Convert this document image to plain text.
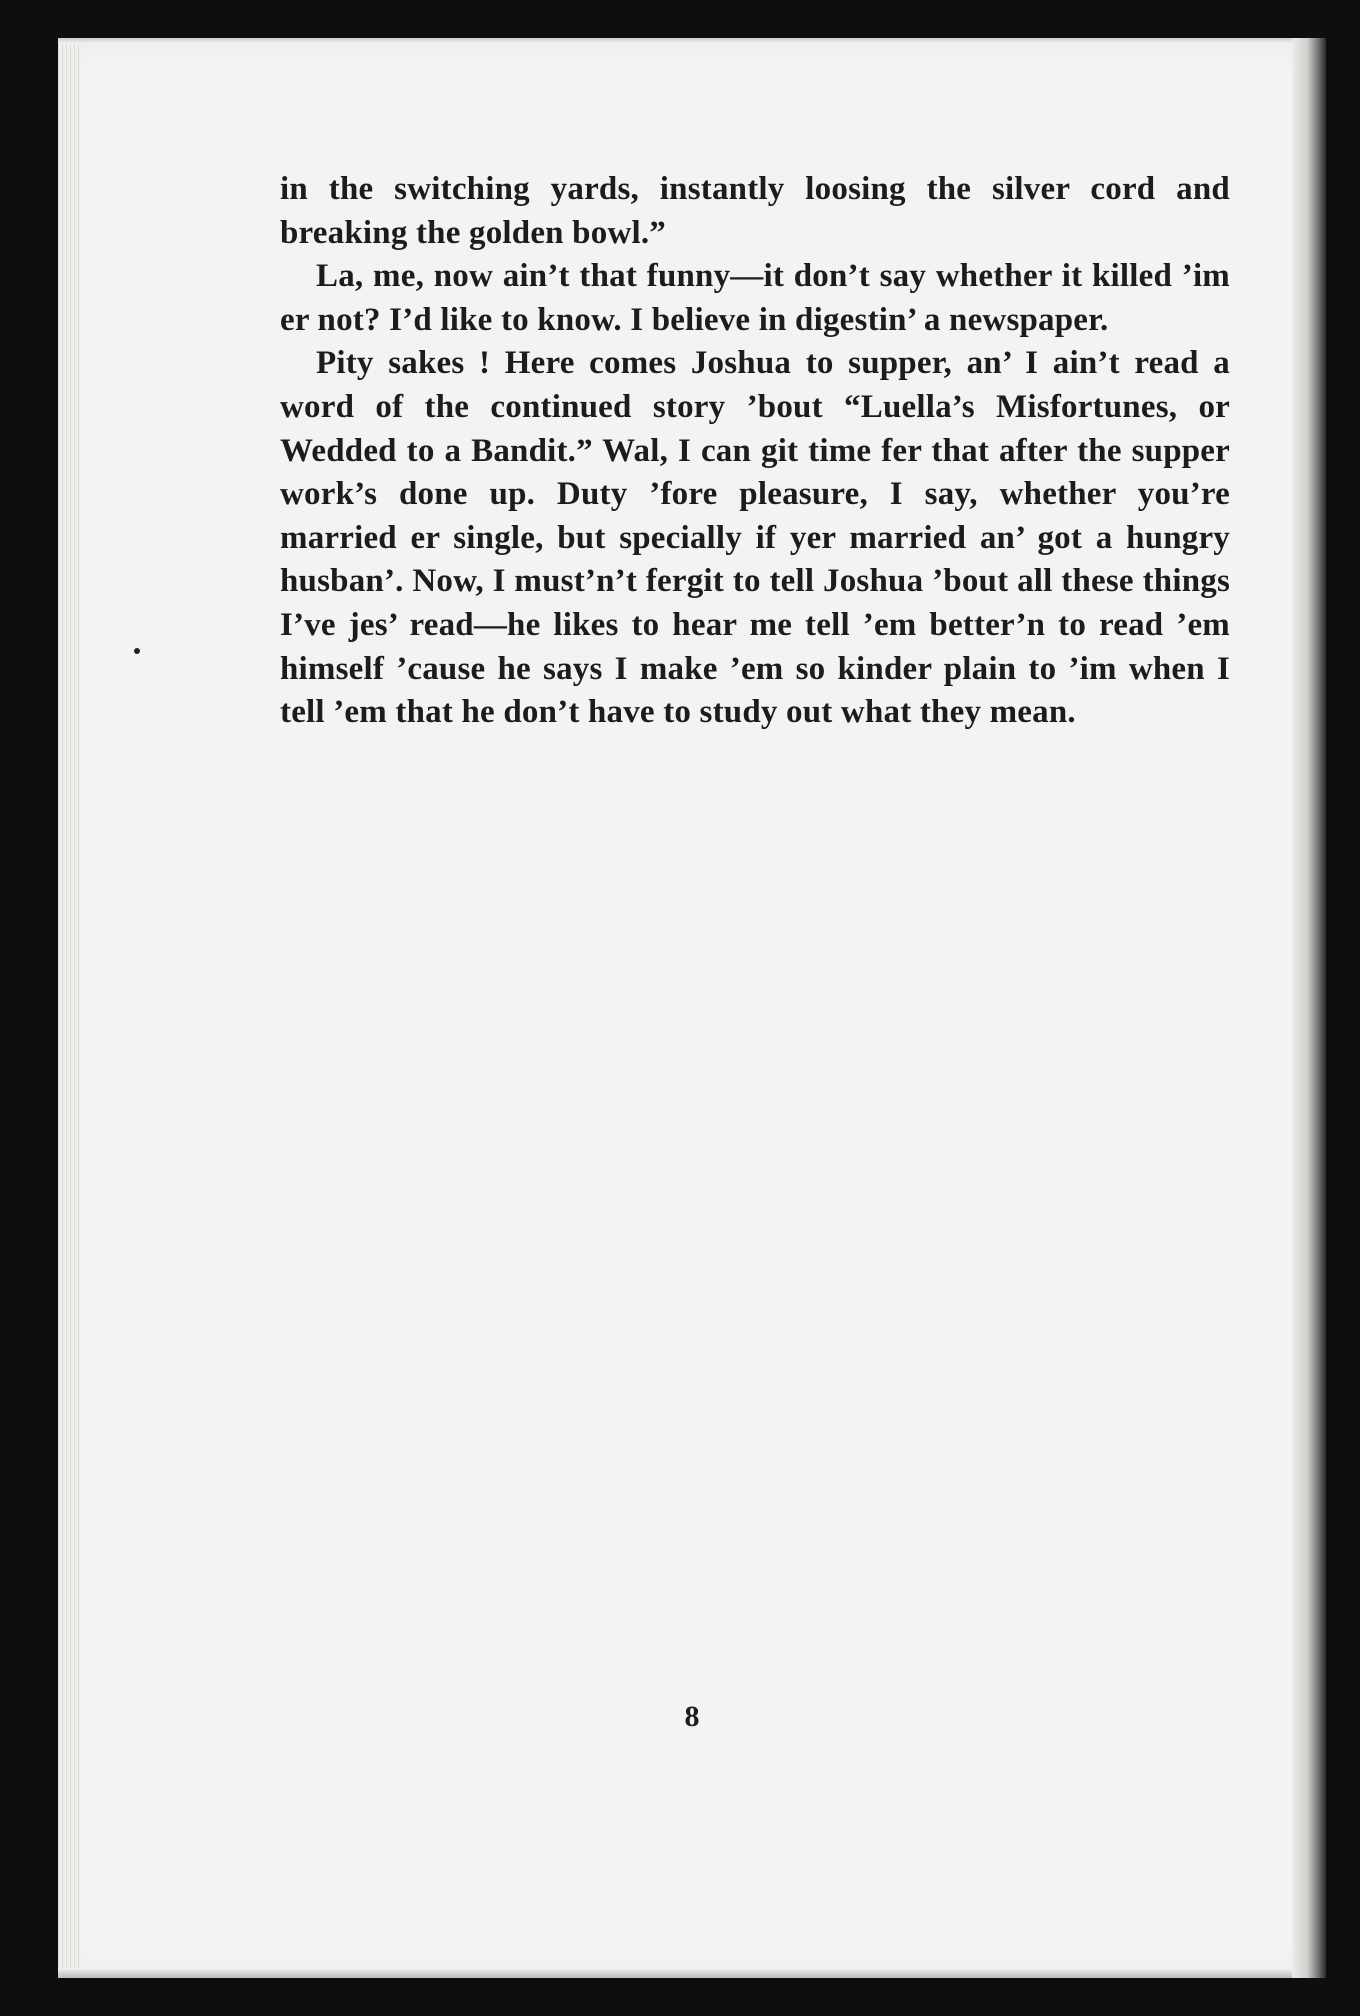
in the switching yards, instantly loosing the silver cord and breaking the golden bowl.”

La, me, now ain’t that funny—it don’t say whether it killed ’im er not? I’d like to know. I believe in digestin’ a newspaper.

Pity sakes ! Here comes Joshua to supper, an’ I ain’t read a word of the continued story ’bout “Luella’s Misfortunes, or Wedded to a Bandit.” Wal, I can git time fer that after the supper work’s done up. Duty ’fore pleasure, I say, whether you’re married er single, but specially if yer married an’ got a hungry husban’. Now, I must’n’t fergit to tell Joshua ’bout all these things I’ve jes’ read—he likes to hear me tell ’em better’n to read ’em himself ’cause he says I make ’em so kinder plain to ’im when I tell ’em that he don’t have to study out what they mean.

8
